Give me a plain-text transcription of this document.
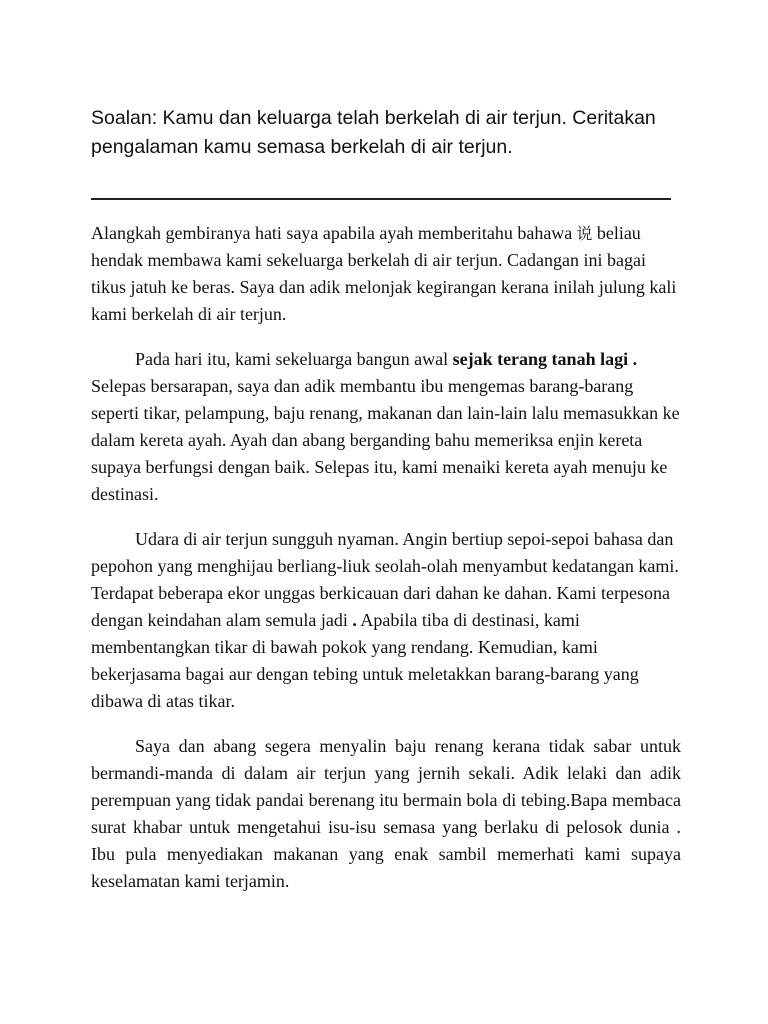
Soalan: Kamu dan keluarga telah berkelah di air terjun. Ceritakan pengalaman kamu semasa berkelah di air terjun.

Alangkah gembiranya hati saya apabila ayah memberitahu bahawa 说 beliau hendak membawa kami sekeluarga berkelah di air terjun. Cadangan ini bagai tikus jatuh ke beras. Saya dan adik melonjak kegirangan kerana inilah julung kali kami berkelah di air terjun.

Pada hari itu, kami sekeluarga bangun awal sejak terang tanah lagi . Selepas bersarapan, saya dan adik membantu ibu mengemas barang-barang seperti tikar, pelampung, baju renang, makanan dan lain-lain lalu memasukkan ke dalam kereta ayah. Ayah dan abang berganding bahu memeriksa enjin kereta supaya berfungsi dengan baik. Selepas itu, kami menaiki kereta ayah menuju ke destinasi.

Udara di air terjun sungguh nyaman. Angin bertiup sepoi-sepoi bahasa dan pepohon yang menghijau berliang-liuk seolah-olah menyambut kedatangan kami. Terdapat beberapa ekor unggas berkicauan dari dahan ke dahan. Kami terpesona dengan keindahan alam semula jadi . Apabila tiba di destinasi, kami membentangkan tikar di bawah pokok yang rendang. Kemudian, kami bekerjasama bagai aur dengan tebing untuk meletakkan barang-barang yang dibawa di atas tikar.

Saya dan abang segera menyalin baju renang kerana tidak sabar untuk bermandi-manda di dalam air terjun yang jernih sekali. Adik lelaki dan adik perempuan yang tidak pandai berenang itu bermain bola di tebing.Bapa membaca surat khabar untuk mengetahui isu-isu semasa yang berlaku di pelosok dunia . Ibu pula menyediakan makanan yang enak sambil memerhati kami supaya keselamatan kami terjamin.
